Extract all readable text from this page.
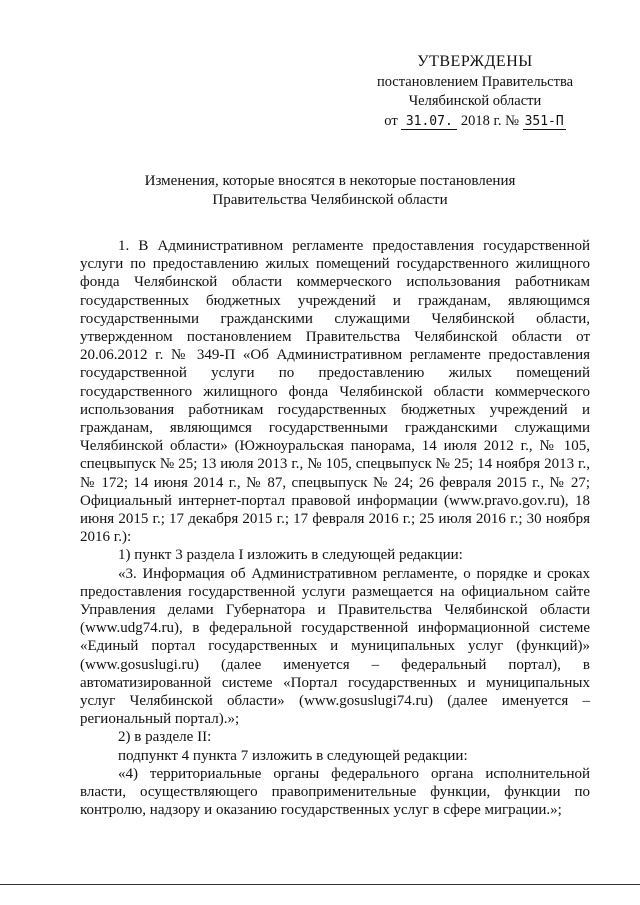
УТВЕРЖДЕНЫ
постановлением Правительства
Челябинской области
от 31.07. 2018 г. № 351-П
Изменения, которые вносятся в некоторые постановления
Правительства Челябинской области

1. В Административном регламенте предоставления государственной услуги по предоставлению жилых помещений государственного жилищного фонда Челябинской области коммерческого использования работникам государственных бюджетных учреждений и гражданам, являющимся государственными гражданскими служащими Челябинской области, утвержденном постановлением Правительства Челябинской области от 20.06.2012 г. № 349-П «Об Административном регламенте предоставления государственной услуги по предоставлению жилых помещений государственного жилищного фонда Челябинской области коммерческого использования работникам государственных бюджетных учреждений и гражданам, являющимся государственными гражданскими служащими Челябинской области» (Южноуральская панорама, 14 июля 2012 г., № 105, спецвыпуск № 25; 13 июля 2013 г., № 105, спецвыпуск № 25; 14 ноября 2013 г., № 172; 14 июня 2014 г., № 87, спецвыпуск № 24; 26 февраля 2015 г., № 27; Официальный интернет-портал правовой информации (www.pravo.gov.ru), 18 июня 2015 г.; 17 декабря 2015 г.; 17 февраля 2016 г.; 25 июля 2016 г.; 30 ноября 2016 г.):

1) пункт 3 раздела I изложить в следующей редакции:

«3. Информация об Административном регламенте, о порядке и сроках предоставления государственной услуги размещается на официальном сайте Управления делами Губернатора и Правительства Челябинской области (www.udg74.ru), в федеральной государственной информационной системе «Единый портал государственных и муниципальных услуг (функций)» (www.gosuslugi.ru) (далее именуется – федеральный портал), в автоматизированной системе «Портал государственных и муниципальных услуг Челябинской области» (www.gosuslugi74.ru) (далее именуется – региональный портал).»;

2) в разделе II:

подпункт 4 пункта 7 изложить в следующей редакции:

«4) территориальные органы федерального органа исполнительной власти, осуществляющего правоприменительные функции, функции по контролю, надзору и оказанию государственных услуг в сфере миграции.»;
